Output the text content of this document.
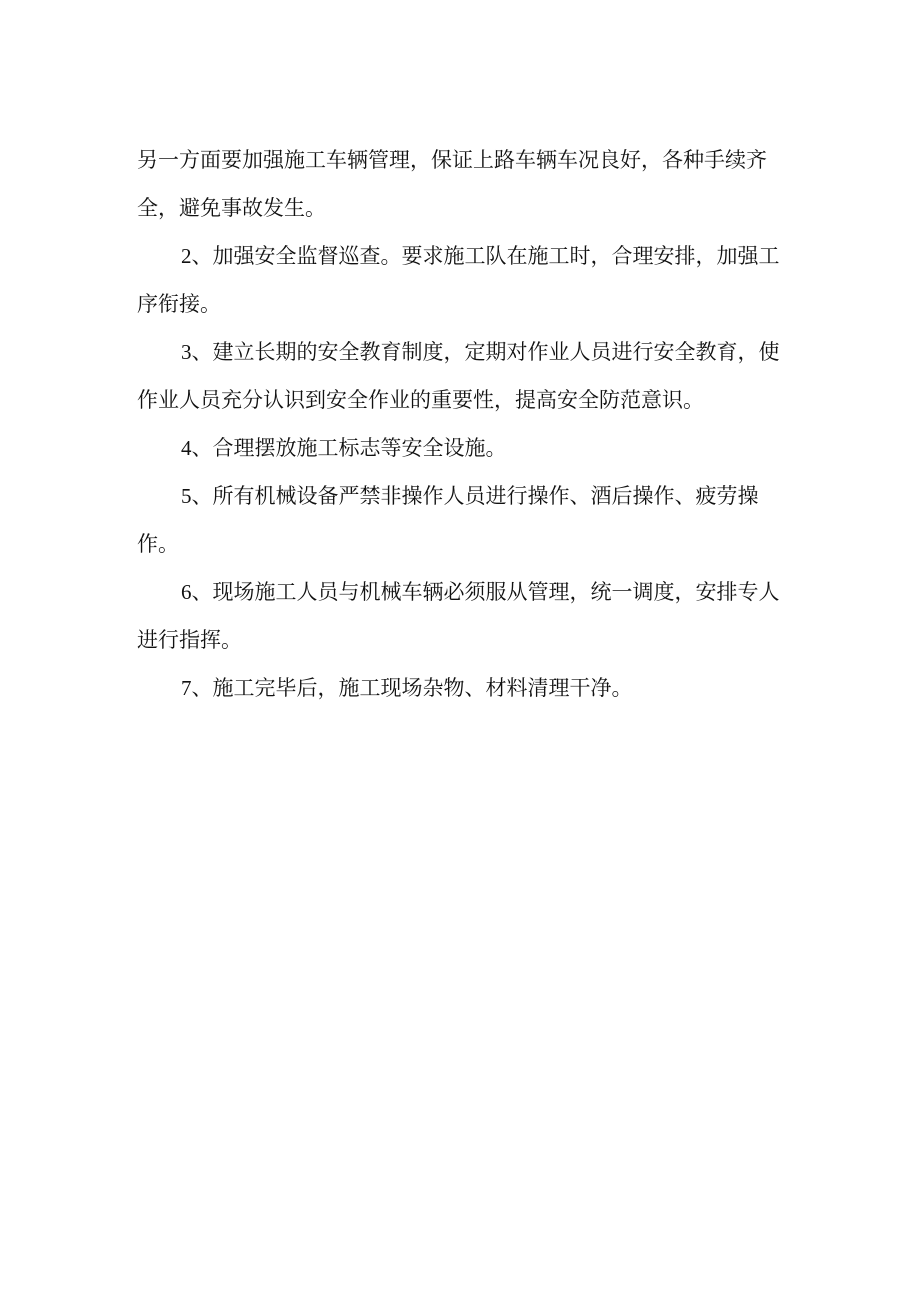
另一方面要加强施工车辆管理，保证上路车辆车况良好，各种手续齐全，避免事故发生。

2、加强安全监督巡查。要求施工队在施工时，合理安排，加强工序衔接。

3、建立长期的安全教育制度，定期对作业人员进行安全教育，使作业人员充分认识到安全作业的重要性，提高安全防范意识。

4、合理摆放施工标志等安全设施。

5、所有机械设备严禁非操作人员进行操作、酒后操作、疲劳操作。

6、现场施工人员与机械车辆必须服从管理，统一调度，安排专人进行指挥。

7、施工完毕后，施工现场杂物、材料清理干净。
